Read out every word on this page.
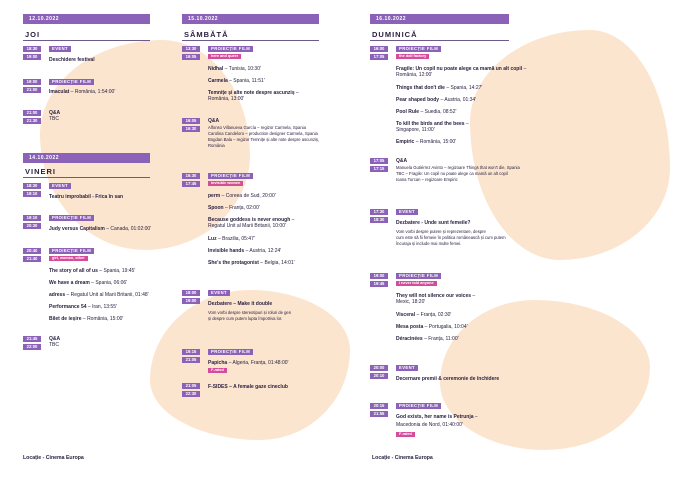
12.10.2022
JOI
18:30
19:00
EVENT
Deschidere festival
19:00
21:00
PROIECȚIE FILM
Imaculat – România, 1:54:00'
21:00
21:30
Q&A
TBC
14.10.2022
VINERI
18:30
19:10
EVENT
Teatru improbabil - Frica în san
19:10
20:30
PROIECȚIE FILM
Judy versus Capitalism – Canada, 01:02:00'
20:40
21:40
PROIECȚIE FILM
girl, woman, other
The story of all of us – Spania, 19:45'
We have a dream – Spania, 06:06'
adress – Regatul Unit al Marii Britanii, 01:48'
Performance 54 – Iran, 13:55'
Bilet de ieșire – România, 15:00'
21:45
22:00
Q&A
TBC
Locație - Cinema Europa
15.10.2022
SÂMBĂTĂ
13:30
16:05
PROIECȚIE FILM
here and queer
Nidhal – Tunisia, 10:30'
Carmela – Spania, 11:51'
Temnițe și alte note despre ascunziș –
România, 13:00'
16:05
16:30
Q&A
Alfonso Villanueva García – regizor Carmela, Spania
Carolina Candeloro – production designer Carmela, Spania
Bogdan Bala – regizor Temnițe și alte note despre ascunziș,
România
16:30
17:45
PROIECȚIE FILM
invisible women
perm – Coreea de Sud, 20:00'
Spoon – Franța, 02:00'
Because goddess is never enough –
Regatul Unit al Marii Britanii, 10:00'
Luz – Brazilia, 05:47'
Invisible hands – Austria, 12:24'
She's the protagonist – Belgia, 14:01'
18:00
19:00
EVENT
Dezbatere – Make it double
Vom vorbi despre stereotipuri și roluri de gen
și despre cum putem lupta împotriva lor.
19:15
21:05
PROIECȚIE FILM
Papicha – Algeria, Franța, 01:48:00'
F-rated
21:05
22:30
F-SIDES – A female gaze cineclub
16.10.2022
DUMINICĂ
16:00
17:05
PROIECȚIE FILM
the doll factory
Fragile: Un copil nu poate alege ca mamă un alt copil –
România, 12:00'
Things that don't die – Spania, 14:27'
Pear shaped body – Austria, 01:34'
Pool Rule – Suedia, 08:52'
To kill the birds and the bees –
Singapore, 11:00'
Empiric – România, 15:00'
17:05
17:15
Q&A
Manuela Gutiérrez Avinto – regizoare Things that won't die, Spania
TBC – Fragile: Un copil nu poate alege ca mamă un alt copil
Ioana Turcan – regizoare Empiric
17:30
18:30
EVENT
Dezbatere - Unde sunt femeile?
Vom vorbi despre putere și reprezentare, despre
cum este să fii femeie în politica românească și cum putem
încuraja și include mai multe femei.
19:00
19:45
PROIECȚIE FILM
i never told anyone
They will not silence our voices –
Mexic, 18:20'
Visceral – Franța, 02:30'
Mesa posta – Portugalia, 10:04'
Déracinées – Franța, 11:00'
20:00
20:10
EVENT
Decernare premii & ceremonie de închidere
20:15
21:55
PROIECȚIE FILM
God exists, her name is Petrunja –
Macedonia de Nord, 01:40:00'
F-rated
Locație - Cinema Europa
